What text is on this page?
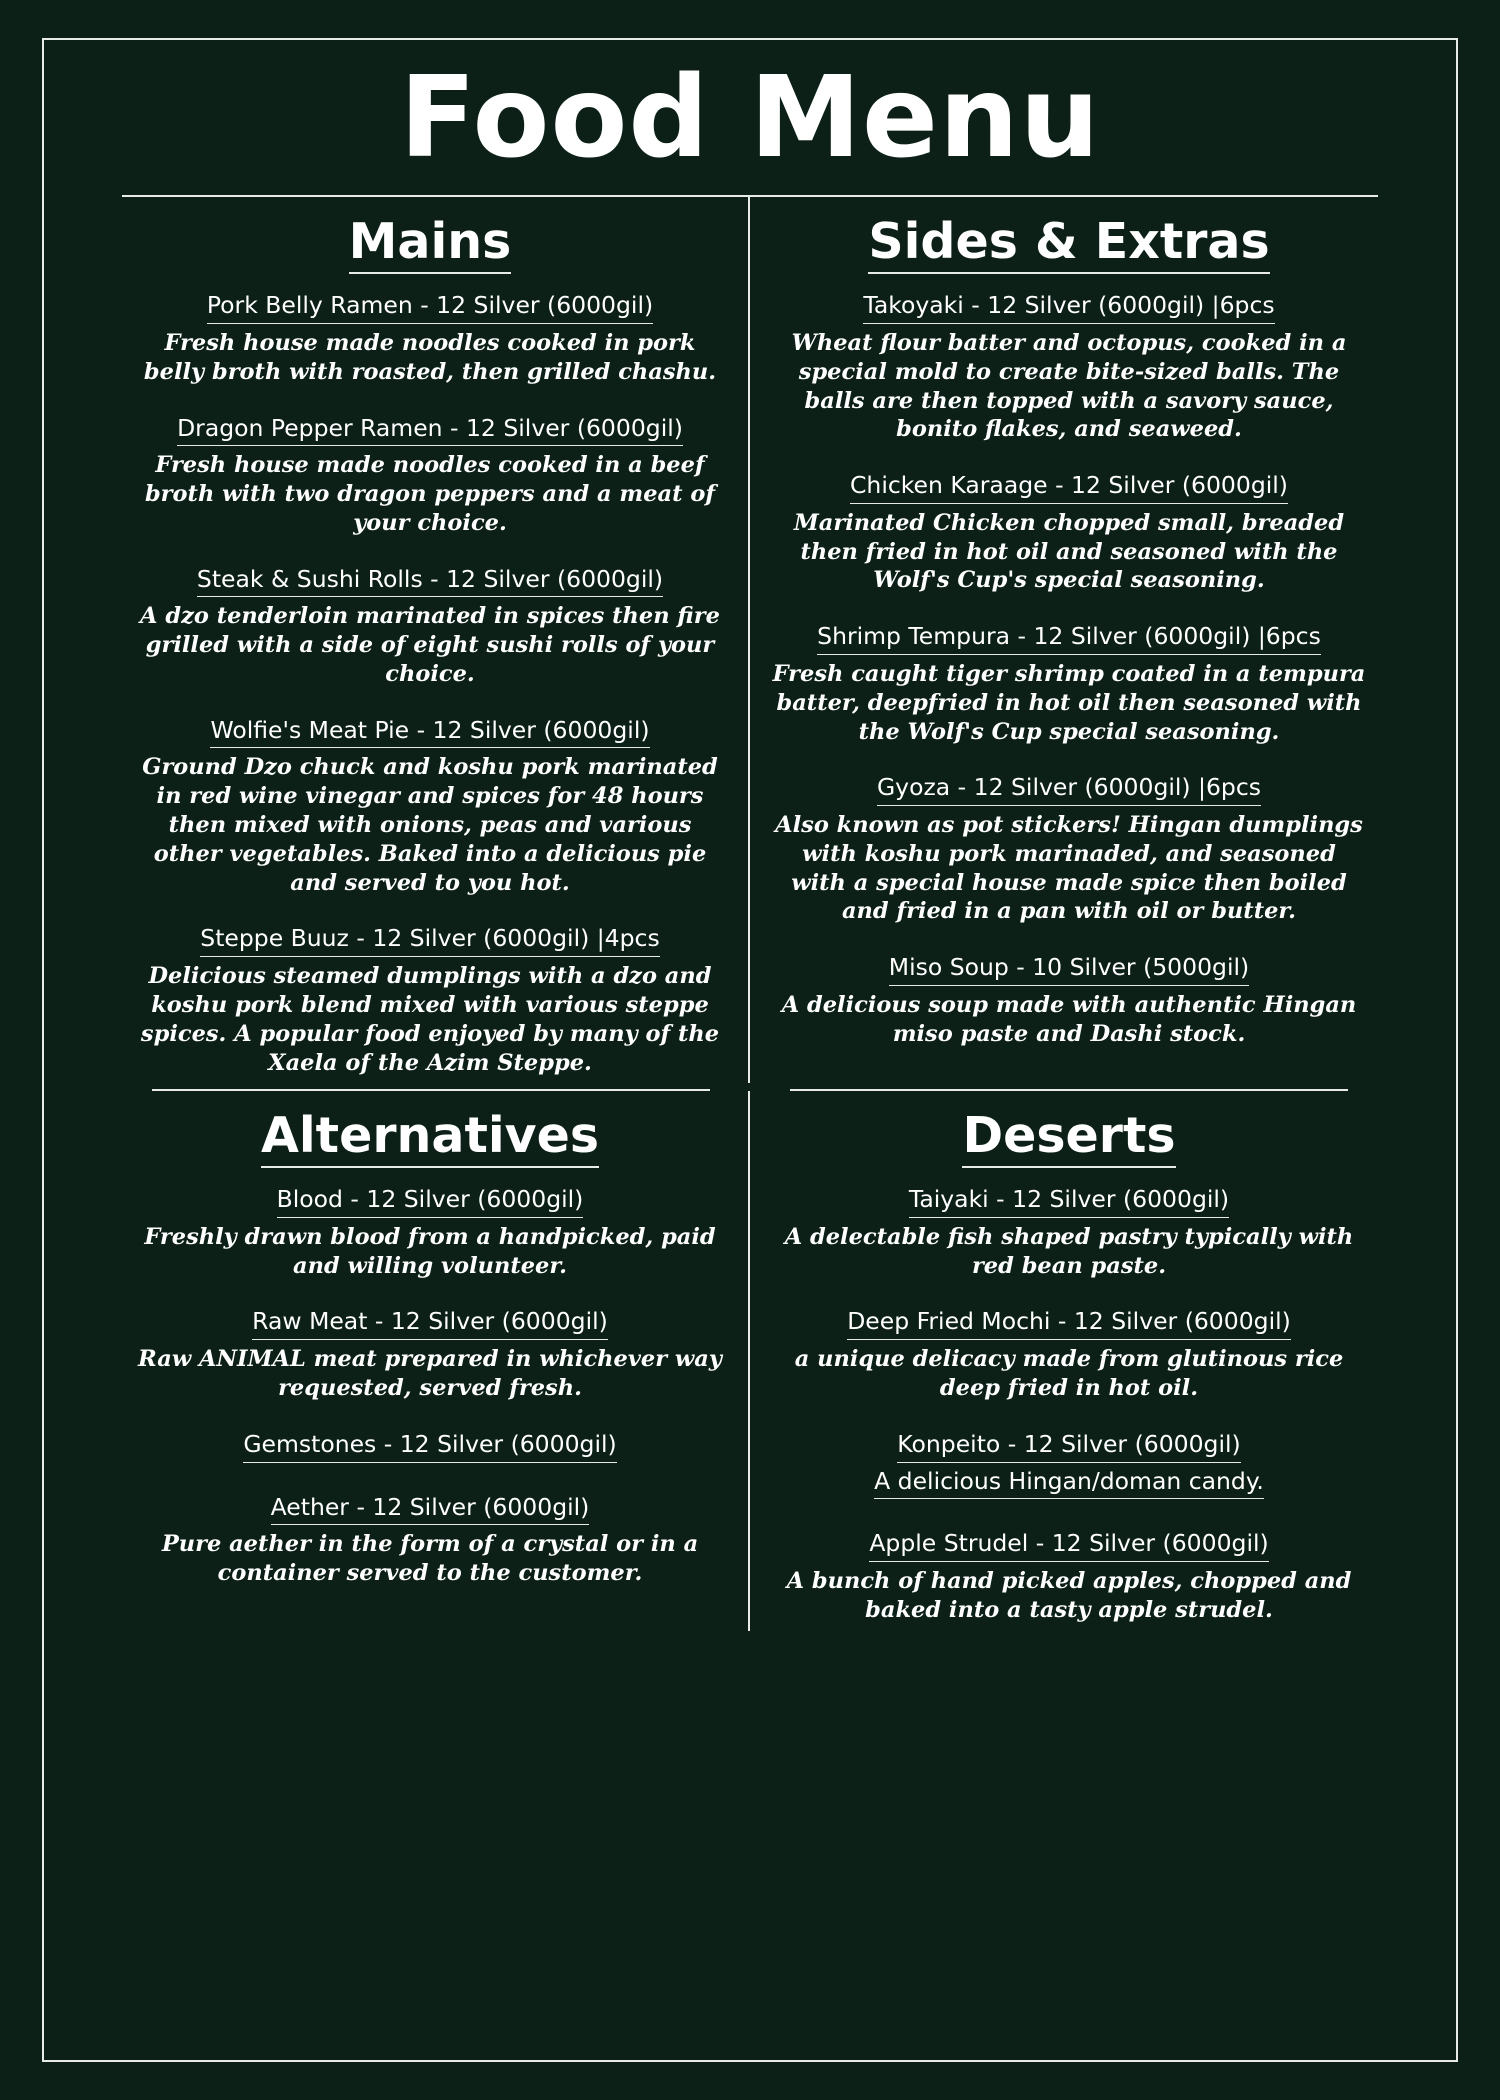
Food Menu
Mains
Pork Belly Ramen - 12 Silver (6000gil)
Fresh house made noodles cooked in pork belly broth with roasted, then grilled chashu.
Dragon Pepper Ramen - 12 Silver (6000gil)
Fresh house made noodles cooked in a beef broth with two dragon peppers and a meat of your choice.
Steak & Sushi Rolls - 12 Silver (6000gil)
A dzo tenderloin marinated in spices then fire grilled with a side of eight sushi rolls of your choice.
Wolfie's Meat Pie - 12 Silver (6000gil)
Ground Dzo chuck and koshu pork marinated in red wine vinegar and spices for 48 hours then mixed with onions, peas and various other vegetables. Baked into a delicious pie and served to you hot.
Steppe Buuz - 12 Silver (6000gil) |4pcs
Delicious steamed dumplings with a dzo and koshu pork blend mixed with various steppe spices. A popular food enjoyed by many of the Xaela of the Azim Steppe.
Sides & Extras
Takoyaki - 12 Silver (6000gil) |6pcs
Wheat flour batter and octopus, cooked in a special mold to create bite-sized balls. The balls are then topped with a savory sauce, bonito flakes, and seaweed.
Chicken Karaage - 12 Silver (6000gil)
Marinated Chicken chopped small, breaded then fried in hot oil and seasoned with the Wolf's Cup's special seasoning.
Shrimp Tempura - 12 Silver (6000gil) |6pcs
Fresh caught tiger shrimp coated in a tempura batter, deepfried in hot oil then seasoned with the Wolf's Cup special seasoning.
Gyoza - 12 Silver (6000gil) |6pcs
Also known as pot stickers! Hingan dumplings with koshu pork marinaded, and seasoned with a special house made spice then boiled and fried in a pan with oil or butter.
Miso Soup - 10 Silver (5000gil)
A delicious soup made with authentic Hingan miso paste and Dashi stock.
Alternatives
Blood - 12 Silver (6000gil)
Freshly drawn blood from a handpicked, paid and willing volunteer.
Raw Meat - 12 Silver (6000gil)
Raw ANIMAL meat prepared in whichever way requested, served fresh.
Gemstones - 12 Silver (6000gil)
Aether - 12 Silver (6000gil)
Pure aether in the form of a crystal or in a container served to the customer.
Deserts
Taiyaki - 12 Silver (6000gil)
A delectable fish shaped pastry typically with red bean paste.
Deep Fried Mochi - 12 Silver (6000gil)
a unique delicacy made from glutinous rice deep fried in hot oil.
Konpeito - 12 Silver (6000gil) A delicious Hingan/doman candy.
Apple Strudel - 12 Silver (6000gil)
A bunch of hand picked apples, chopped and baked into a tasty apple strudel.
